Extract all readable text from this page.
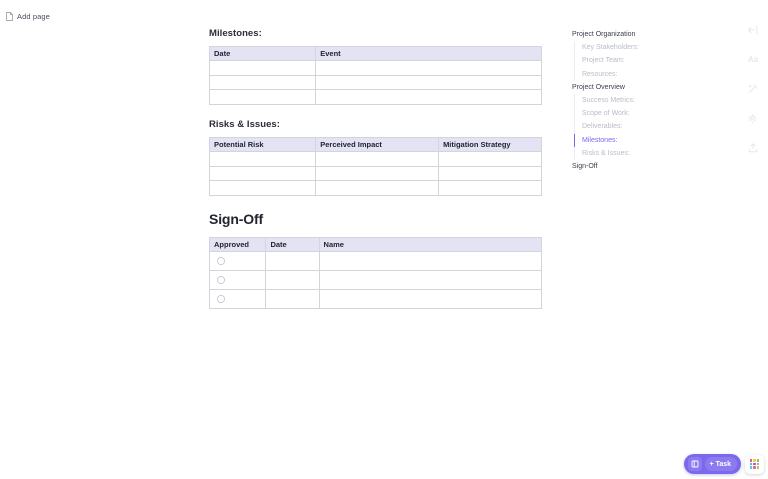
Add page
Milestones:
Date	Event

Risks & Issues:
Potential Risk	Perceived Impact	Mitigation Strategy

Sign-Off
Approved	Date	Name

Project Organization
Key Stakeholders:
Project Team:
Resources:
Project Overview
Success Metrics:
Scope of Work:
Deliverables:
Milestones:
Risks & Issues:
Sign-Off
Aa
+ Task
